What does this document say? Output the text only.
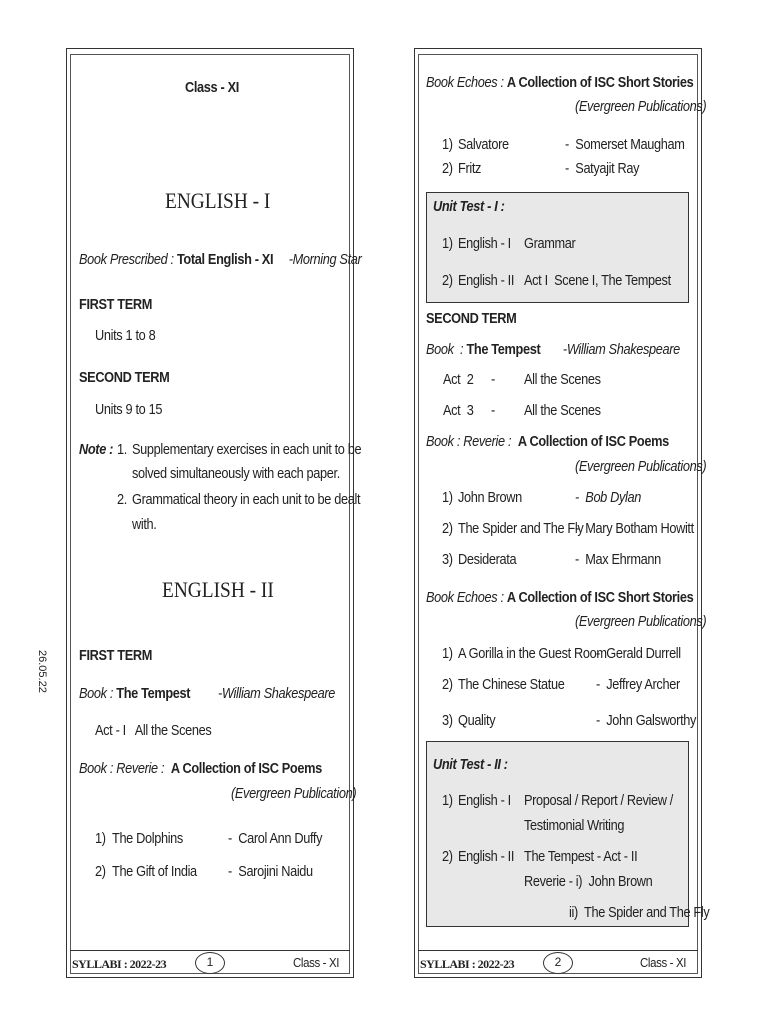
26.05.22
Class - XI
ENGLISH - I
Book Prescribed : Total English - XI -Morning Star
FIRST TERM
Units 1 to 8
SECOND TERM
Units 9 to 15
Note : 1. Supplementary exercises in each unit to be
solved simultaneously with each paper.
2. Grammatical theory in each unit to be dealt
with.
ENGLISH - II
FIRST TERM
Book : The Tempest -William Shakespeare
Act - I   All the Scenes
Book : Reverie : A Collection of ISC Poems
(Evergreen Publication)
1) The Dolphins	-  Carol Ann Duffy
2) The Gift of India -  Sarojini Naidu
SYLLABI : 2022-23	1	Class - XI
Book Echoes : A Collection of ISC Short Stories
(Evergreen Publications)
1) Salvatore	-  Somerset Maugham
2) Fritz	-  Satyajit Ray
Unit Test - I :
1) English - I Grammar
2) English - II Act I  Scene I, The Tempest
SECOND TERM
Book  : The Tempest -William Shakespeare
Act  2 - All the Scenes
Act  3 - All the Scenes
Book : Reverie : A Collection of ISC Poems
(Evergreen Publications)
1) John Brown	-  Bob Dylan
2) The Spider and The Fly
-  Mary Botham Howitt
3) Desiderata	-  Max Ehrmann
Book Echoes : A Collection of ISC Short Stories
(Evergreen Publications)
1) A Gorilla in the Guest Room
-  Gerald Durrell
2) The Chinese Statue -  Jeffrey Archer
3) Quality	-  John Galsworthy
Unit Test - II :
1) English - I Proposal / Report / Review /
Testimonial Writing
2) English - II The Tempest - Act - II
Reverie - i)  John Brown
ii)  The Spider and The Fly
SYLLABI : 2022-23	2	Class - XI
